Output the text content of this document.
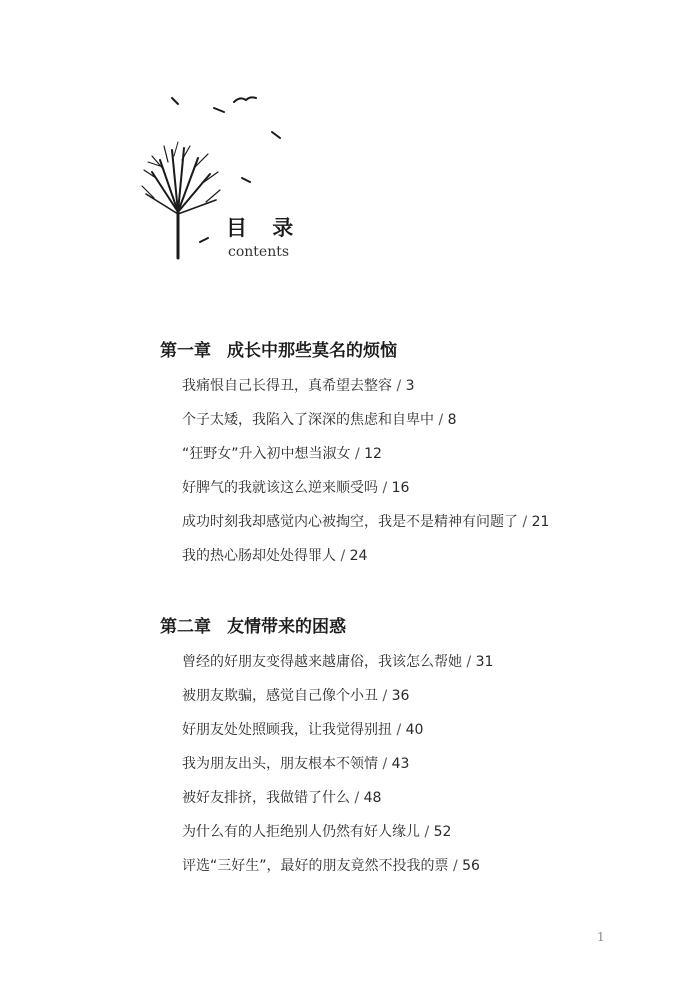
目 录
contents
第一章 成长中那些莫名的烦恼
我痛恨自己长得丑，真希望去整容 / 3
个子太矮，我陷入了深深的焦虑和自卑中 / 8
“狂野女”升入初中想当淑女 / 12
好脾气的我就该这么逆来顺受吗 / 16
成功时刻我却感觉内心被掏空，我是不是精神有问题了 / 21
我的热心肠却处处得罪人 / 24
第二章 友情带来的困惑
曾经的好朋友变得越来越庸俗，我该怎么帮她 / 31
被朋友欺骗，感觉自己像个小丑 / 36
好朋友处处照顾我，让我觉得别扭 / 40
我为朋友出头，朋友根本不领情 / 43
被好友排挤，我做错了什么 / 48
为什么有的人拒绝别人仍然有好人缘儿 / 52
评选“三好生”，最好的朋友竟然不投我的票 / 56
1
